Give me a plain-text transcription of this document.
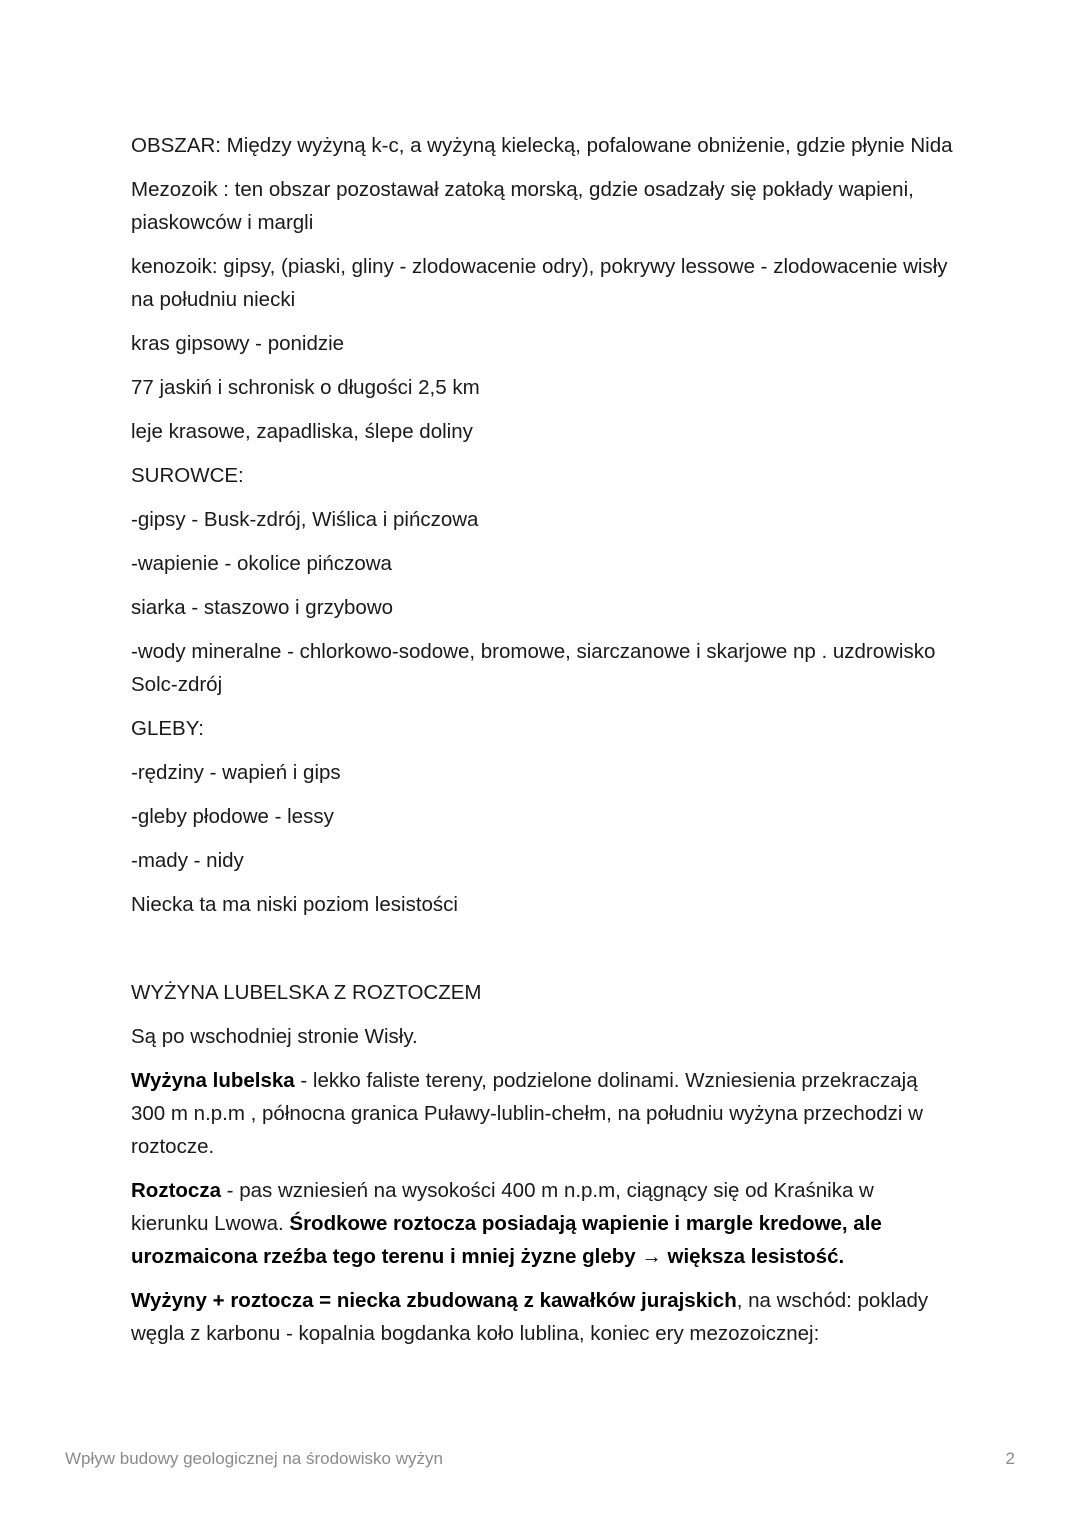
OBSZAR: Między wyżyną k-c, a wyżyną kielecką, pofalowane obniżenie, gdzie płynie Nida

Mezozoik : ten obszar pozostawał zatoką morską, gdzie osadzały się pokłady wapieni, piaskowców i margli

kenozoik: gipsy, (piaski, gliny - zlodowacenie odry), pokrywy lessowe - zlodowacenie wisły na południu niecki

kras gipsowy - ponidzie

77 jaskiń i schronisk o długości 2,5 km

leje krasowe, zapadliska, ślepe doliny

SUROWCE:

-gipsy - Busk-zdrój, Wiślica i pińczowa

-wapienie - okolice pińczowa

siarka - staszowo i grzybowo

-wody mineralne - chlorkowo-sodowe, bromowe, siarczanowe i skarjowe np . uzdrowisko Solc-zdrój

GLEBY:

-rędziny - wapień i gips

-gleby płodowe - lessy

-mady - nidy

Niecka ta ma niski poziom lesistości

WYŻYNA LUBELSKA Z ROZTOCZEM

Są po wschodniej stronie Wisły.

Wyżyna lubelska - lekko faliste tereny, podzielone dolinami. Wzniesienia przekraczają 300 m n.p.m , północna granica Puławy-lublin-chełm, na południu wyżyna przechodzi w roztocze.

Roztocza - pas wzniesień na wysokości 400 m n.p.m, ciągnący się od Kraśnika w kierunku Lwowa. Środkowe roztocza posiadają wapienie i margle kredowe, ale urozmaicona rzeźba tego terenu i mniej żyzne gleby → większa lesistość.

Wyżyny + roztocza = niecka zbudowaną z kawałków jurajskich, na wschód: poklady węgla z karbonu - kopalnia bogdanka koło lublina, koniec ery mezozoicznej:

Wpływ budowy geologicznej na środowisko wyżyn	2
